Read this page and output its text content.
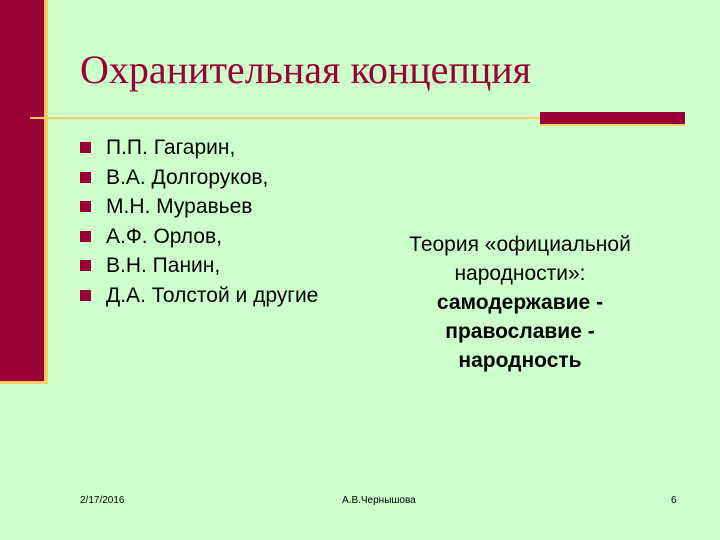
Охранительная концепция
П.П. Гагарин,
В.А. Долгоруков,
М.Н. Муравьев
А.Ф. Орлов,
В.Н. Панин,
Д.А. Толстой и другие
Теория «официальной
народности»:
самодержавие -
православие -
народность
2/17/2016	А.В.Чернышова	6
